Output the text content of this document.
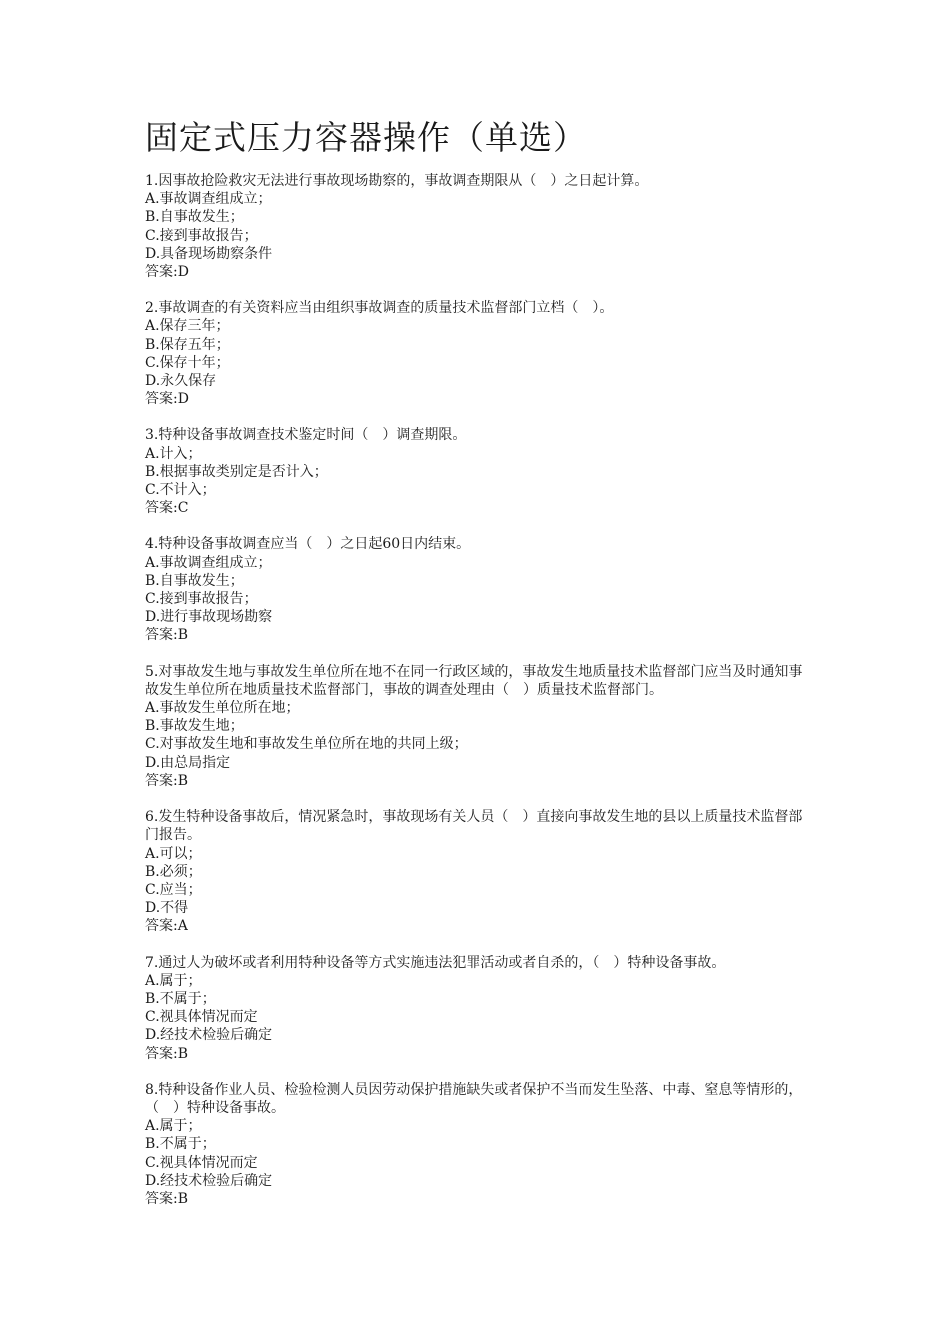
固定式压力容器操作（单选）

1.因事故抢险救灾无法进行事故现场勘察的，事故调查期限从（　）之日起计算。

A.事故调查组成立；

B.自事故发生；

C.接到事故报告；

D.具备现场勘察条件

答案:D

2.事故调查的有关资料应当由组织事故调查的质量技术监督部门立档（　）。

A.保存三年；

B.保存五年；

C.保存十年；

D.永久保存

答案:D

3.特种设备事故调查技术鉴定时间（　）调查期限。

A.计入；

B.根据事故类别定是否计入；

C.不计入；

答案:C

4.特种设备事故调查应当（　）之日起60日内结束。

A.事故调查组成立；

B.自事故发生；

C.接到事故报告；

D.进行事故现场勘察

答案:B

5.对事故发生地与事故发生单位所在地不在同一行政区域的，事故发生地质量技术监督部门应当及时通知事故发生单位所在地质量技术监督部门，事故的调查处理由（　）质量技术监督部门。

A.事故发生单位所在地；

B.事故发生地；

C.对事故发生地和事故发生单位所在地的共同上级；

D.由总局指定

答案:B

6.发生特种设备事故后，情况紧急时，事故现场有关人员（　）直接向事故发生地的县以上质量技术监督部门报告。

A.可以；

B.必须；

C.应当；

D.不得

答案:A

7.通过人为破坏或者利用特种设备等方式实施违法犯罪活动或者自杀的，（　）特种设备事故。

A.属于；

B.不属于；

C.视具体情况而定

D.经技术检验后确定

答案:B

8.特种设备作业人员、检验检测人员因劳动保护措施缺失或者保护不当而发生坠落、中毒、窒息等情形的，（　）特种设备事故。

A.属于；

B.不属于；

C.视具体情况而定

D.经技术检验后确定

答案:B
